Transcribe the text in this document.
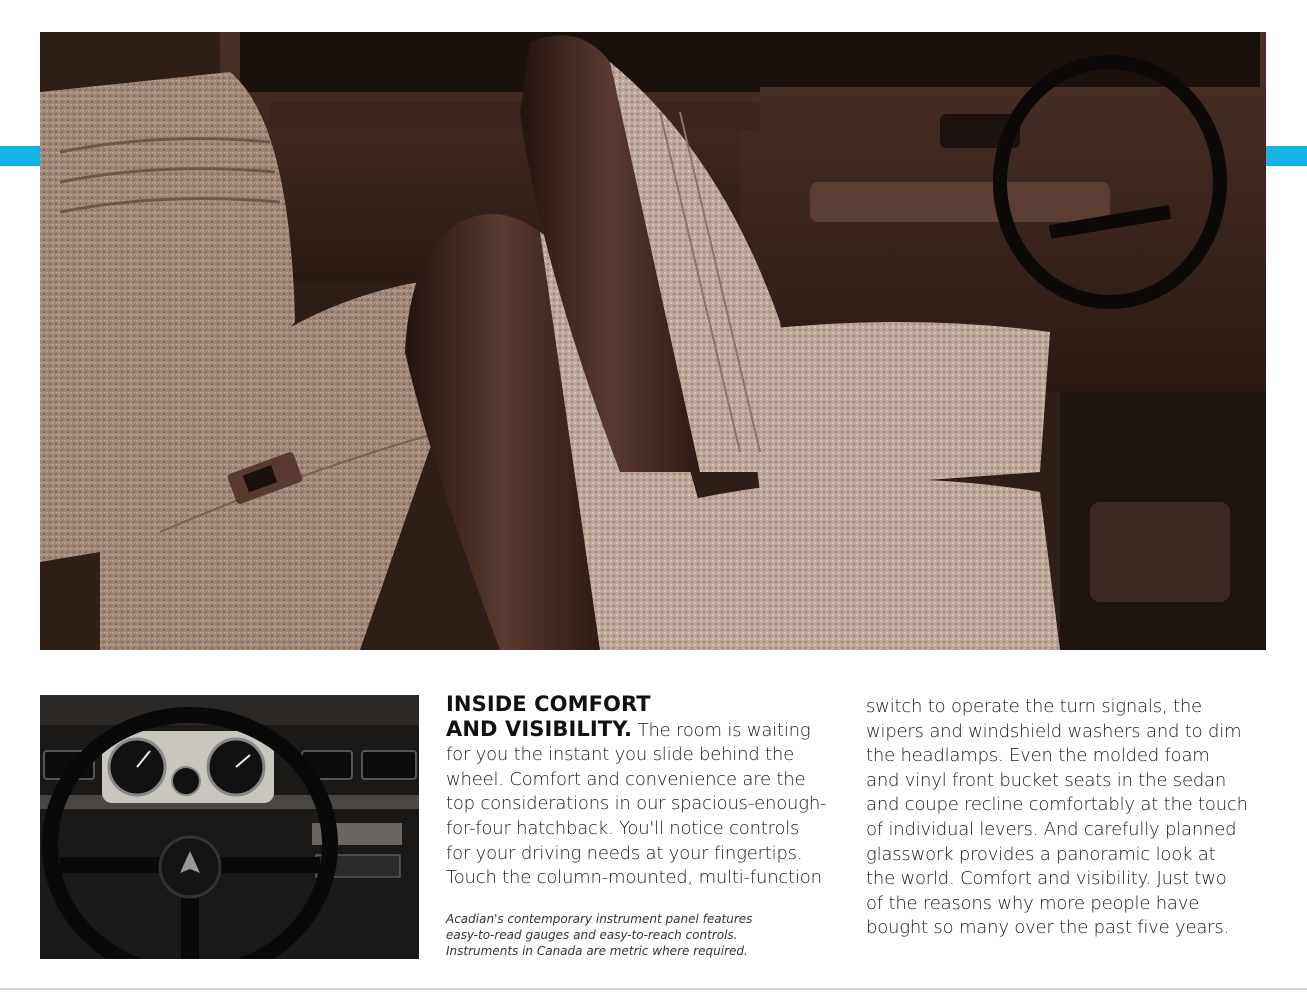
INSIDE COMFORT
AND VISIBILITY. The room is waiting
for you the instant you slide behind the
wheel. Comfort and convenience are the
top considerations in our spacious-enough-
for-four hatchback. You'll notice controls
for your driving needs at your fingertips.
Touch the column-mounted, multi-function
Acadian's contemporary instrument panel features
easy-to-read gauges and easy-to-reach controls.
Instruments in Canada are metric where required.
switch to operate the turn signals, the
wipers and windshield washers and to dim
the headlamps. Even the molded foam
and vinyl front bucket seats in the sedan
and coupe recline comfortably at the touch
of individual levers. And carefully planned
glasswork provides a panoramic look at
the world. Comfort and visibility. Just two
of the reasons why more people have
bought so many over the past five years.
